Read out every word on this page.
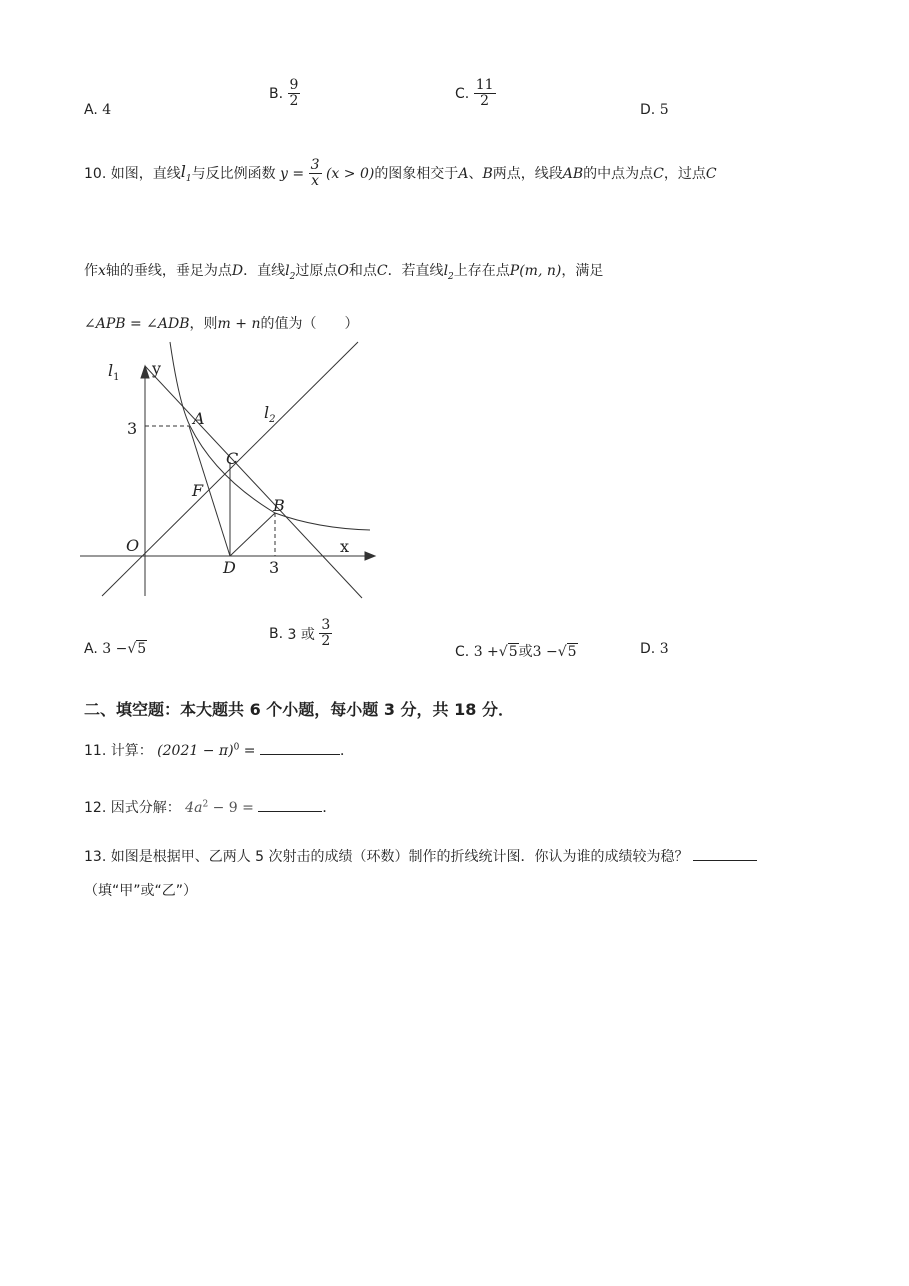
A. 4
B. $\frac{9}{2}$	C. $\frac{11}{2}$
D. 5
10. 如图，直线$l_1$与反比例函数 $y = \frac{3}{x} (x > 0)$的图象相交于A、B两点，线段AB的中点为点C，过点C
作x轴的垂线，垂足为点D．直线$l_2$过原点O和点C．若直线$l_2$上存在点P(m, n)，满足
∠APB = ∠ADB，则m + n的值为（　　）
$l_1$ y
$l_2$
A
C
F
B
O
D
x
3
3
A. 3 −√5
B. 3 或 $\frac{3}{2}$
C. 3 +√5或3 −√5	D. 3
二、填空题：本大题共 6 个小题，每小题 3 分，共 18 分．
11. 计算： $(2021 - \pi)^0$ =	．
12. 因式分解： $4a^2 - 9$ =	．
13. 如图是根据甲、乙两人 5 次射击的成绩（环数）制作的折线统计图．你认为谁的成绩较为稳？
（填“甲”或“乙”）
